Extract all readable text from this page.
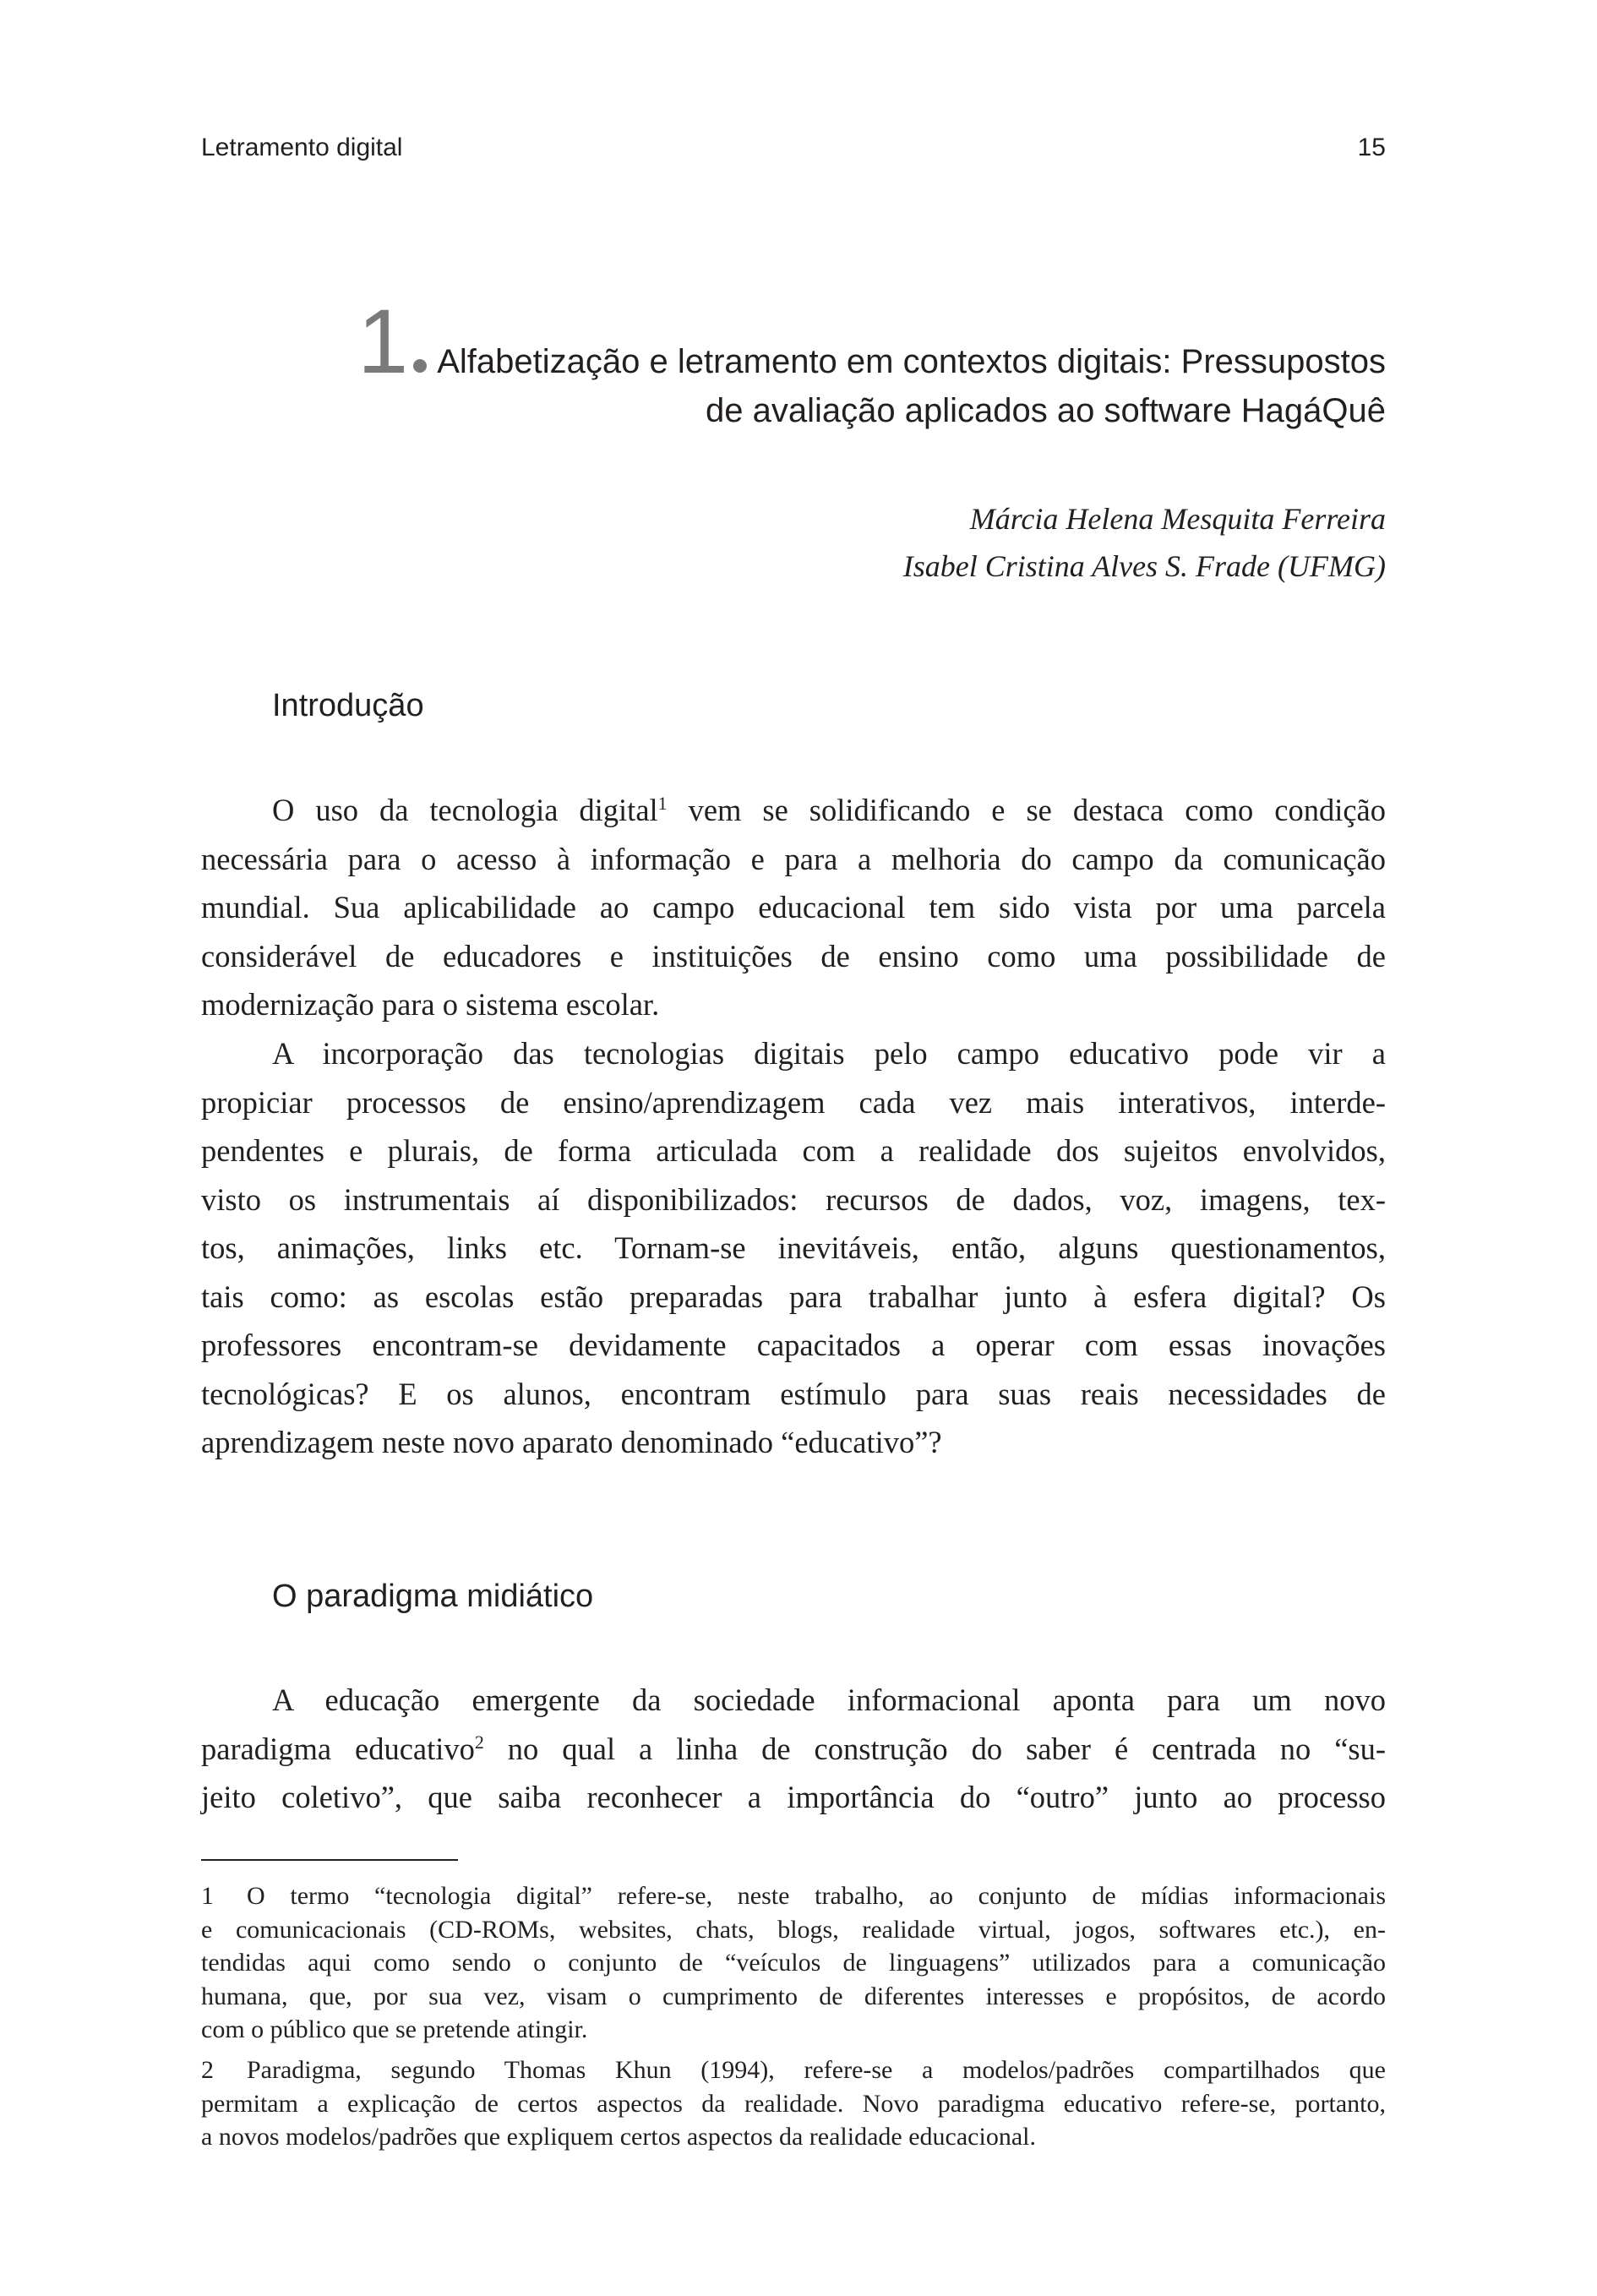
Letramento digital	15
1 Alfabetização e letramento em contextos digitais: Pressupostos
de avaliação aplicados ao software HagáQuê
Márcia Helena Mesquita Ferreira
Isabel Cristina Alves S. Frade (UFMG)
Introdução

O uso da tecnologia digital$^1$ vem se solidificando e se destaca como condição
necessária para o acesso à informação e para a melhoria do campo da comunicação
mundial. Sua aplicabilidade ao campo educacional tem sido vista por uma parcela
considerável de educadores e instituições de ensino como uma possibilidade de
modernização para o sistema escolar.

A incorporação das tecnologias digitais pelo campo educativo pode vir a
propiciar processos de ensino/aprendizagem cada vez mais interativos, interde-
pendentes e plurais, de forma articulada com a realidade dos sujeitos envolvidos,
visto os instrumentais aí disponibilizados: recursos de dados, voz, imagens, tex-
tos, animações, links etc. Tornam-se inevitáveis, então, alguns questionamentos,
tais como: as escolas estão preparadas para trabalhar junto à esfera digital? Os
professores encontram-se devidamente capacitados a operar com essas inovações
tecnológicas? E os alunos, encontram estímulo para suas reais necessidades de
aprendizagem neste novo aparato denominado “educativo”?

O paradigma midiático

A educação emergente da sociedade informacional aponta para um novo
paradigma educativo$^2$ no qual a linha de construção do saber é centrada no “su-
jeito coletivo”, que saiba reconhecer a importância do “outro” junto ao processo

1 O termo “tecnologia digital” refere-se, neste trabalho, ao conjunto de mídias informacionais
e comunicacionais (CD-ROMs, websites, chats, blogs, realidade virtual, jogos, softwares etc.), en-
tendidas aqui como sendo o conjunto de “veículos de linguagens” utilizados para a comunicação
humana, que, por sua vez, visam o cumprimento de diferentes interesses e propósitos, de acordo
com o público que se pretende atingir.

2 Paradigma, segundo Thomas Khun (1994), refere-se a modelos/padrões compartilhados que
permitam a explicação de certos aspectos da realidade. Novo paradigma educativo refere-se, portanto,
a novos modelos/padrões que expliquem certos aspectos da realidade educacional.
